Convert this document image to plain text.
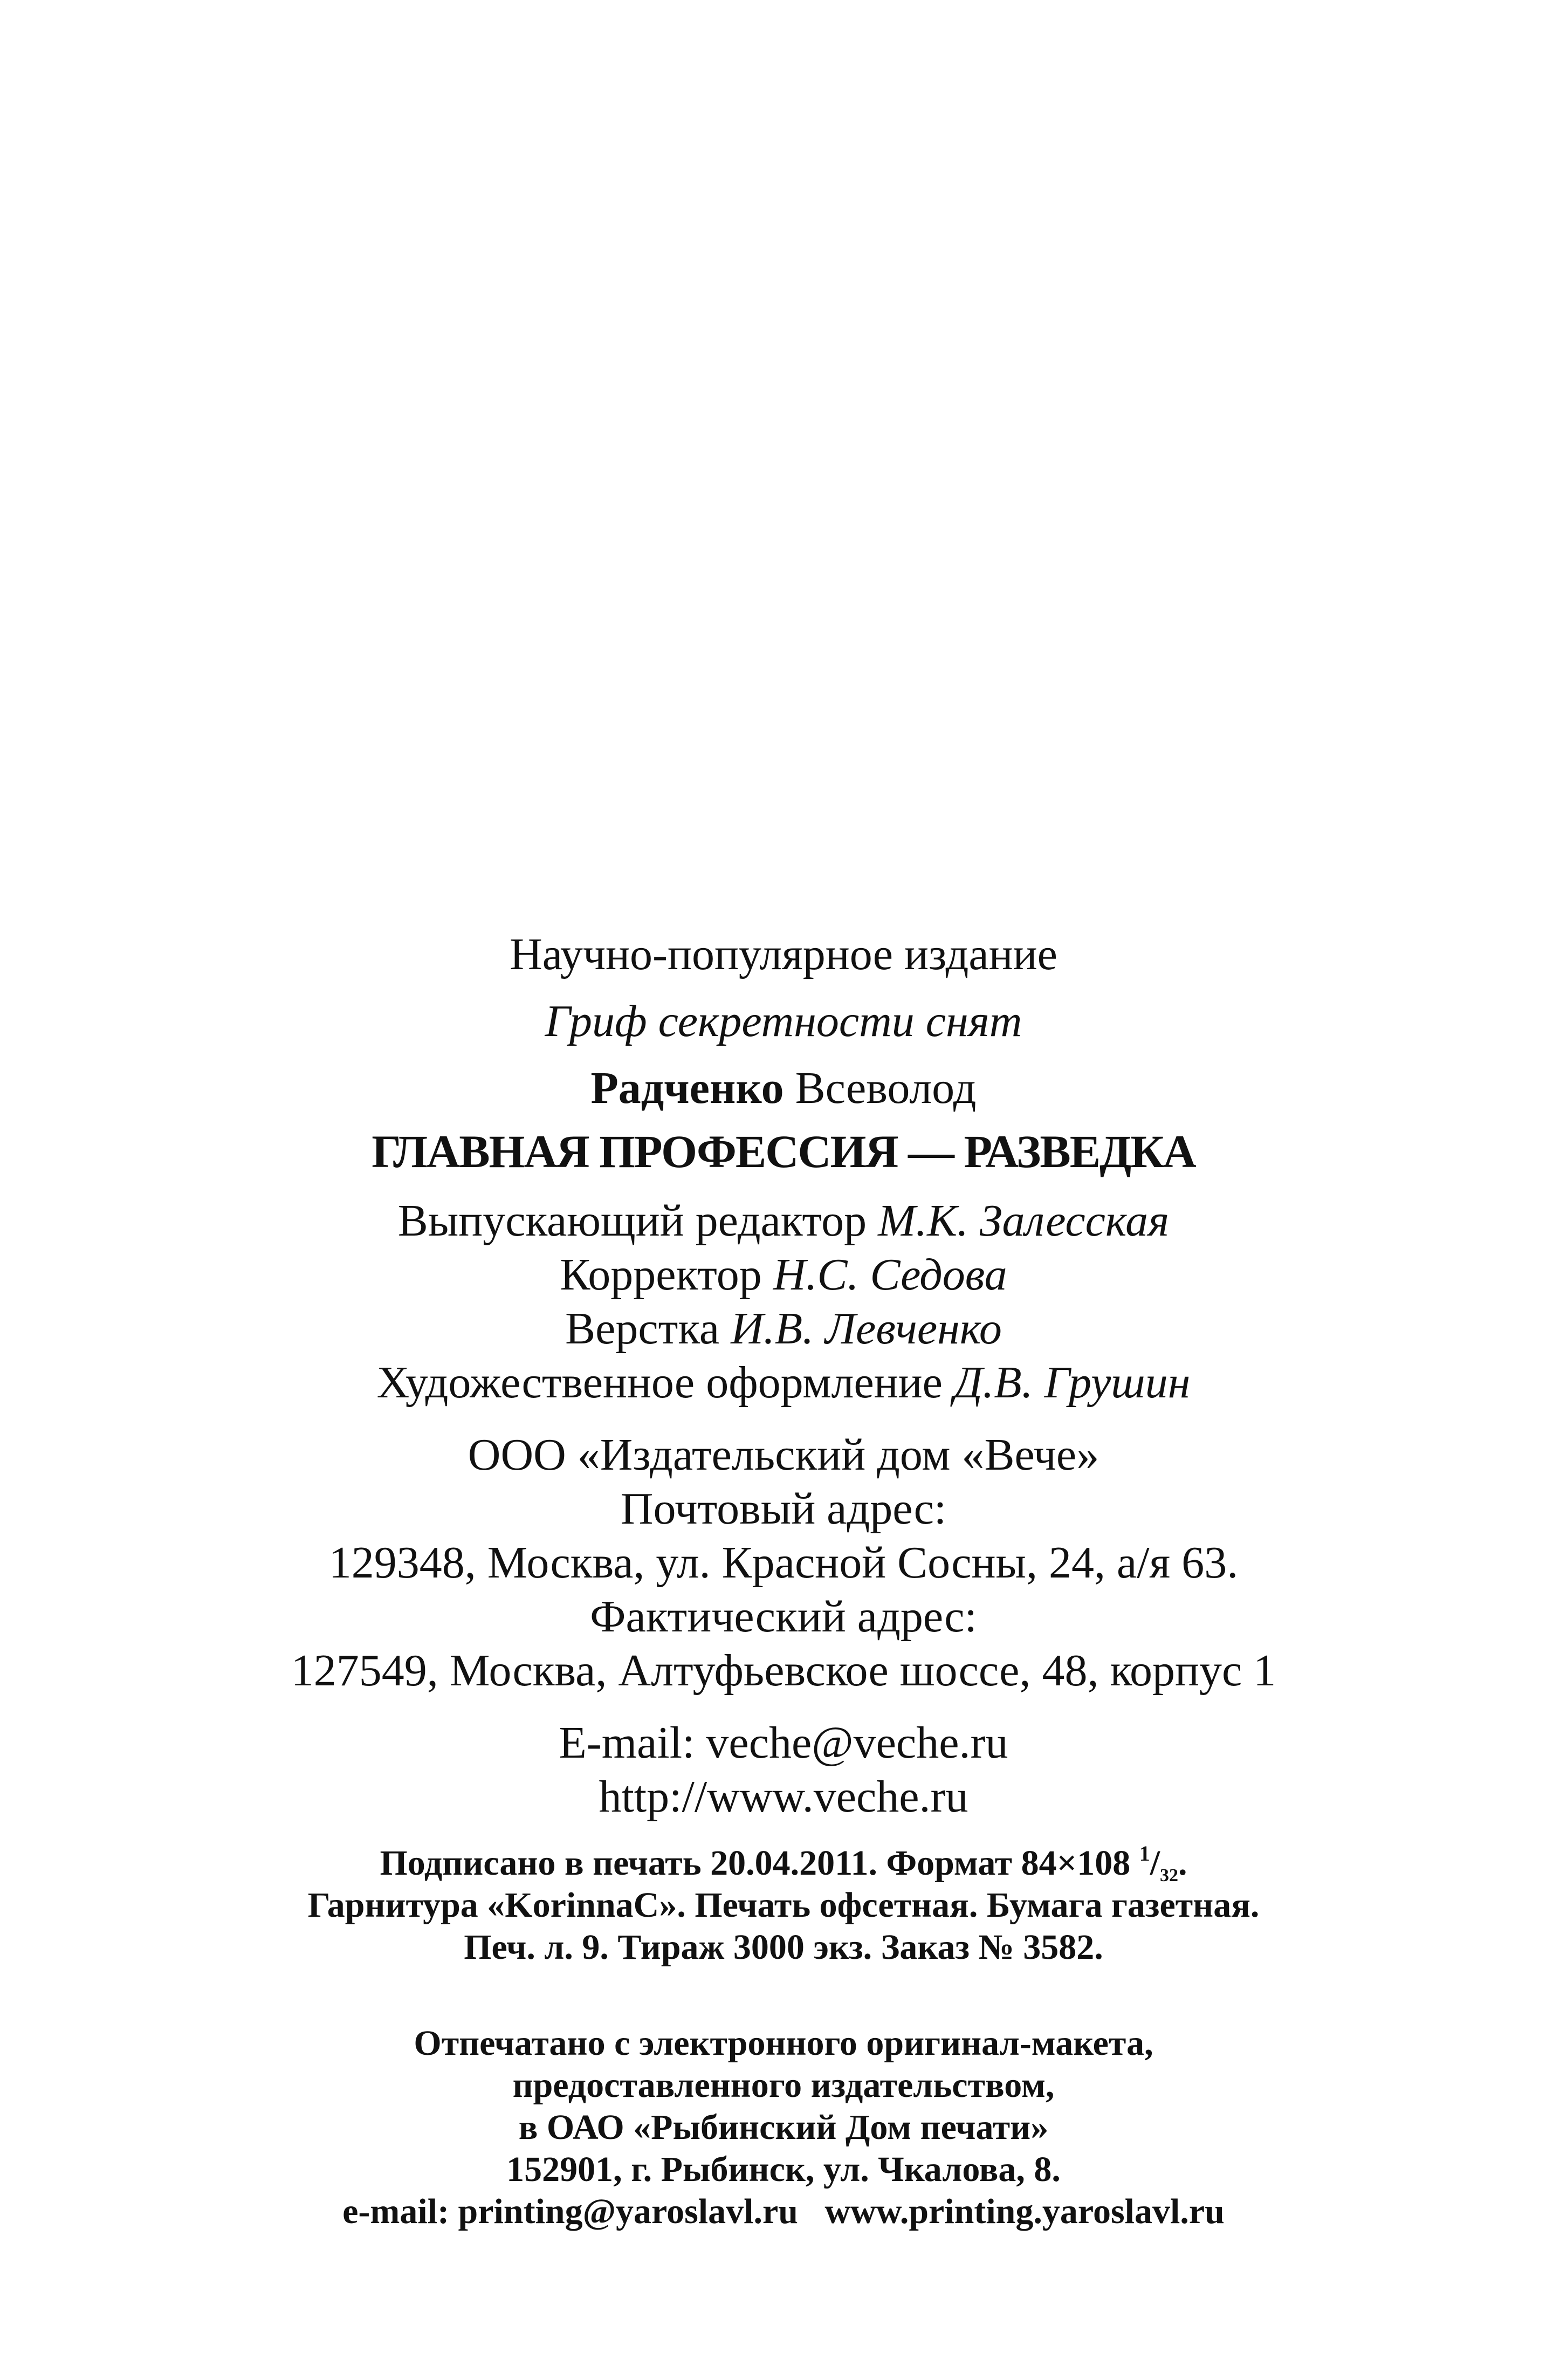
Научно-популярное издание

Гриф секретности снят

Радченко Всеволод

ГЛАВНАЯ ПРОФЕССИЯ — РАЗВЕДКА

Выпускающий редактор М.К. Залесская

Корректор Н.С. Седова

Верстка И.В. Левченко

Художественное оформление Д.В. Грушин

ООО «Издательский дом «Вече»

Почтовый адрес:

129348, Москва, ул. Красной Сосны, 24, а/я 63.

Фактический адрес:

127549, Москва, Алтуфьевское шоссе, 48, корпус 1

E-mail: veche@veche.ru

http://www.veche.ru

Подписано в печать 20.04.2011. Формат 84×108 $^1/_{32}$.

Гарнитура «KorinnaC». Печать офсетная. Бумага газетная.

Печ. л. 9. Тираж 3000 экз. Заказ № 3582.

Отпечатано с электронного оригинал-макета,

предоставленного издательством,

в ОАО «Рыбинский Дом печати»

152901, г. Рыбинск, ул. Чкалова, 8.

e-mail: printing@yaroslavl.ru www.printing.yaroslavl.ru
